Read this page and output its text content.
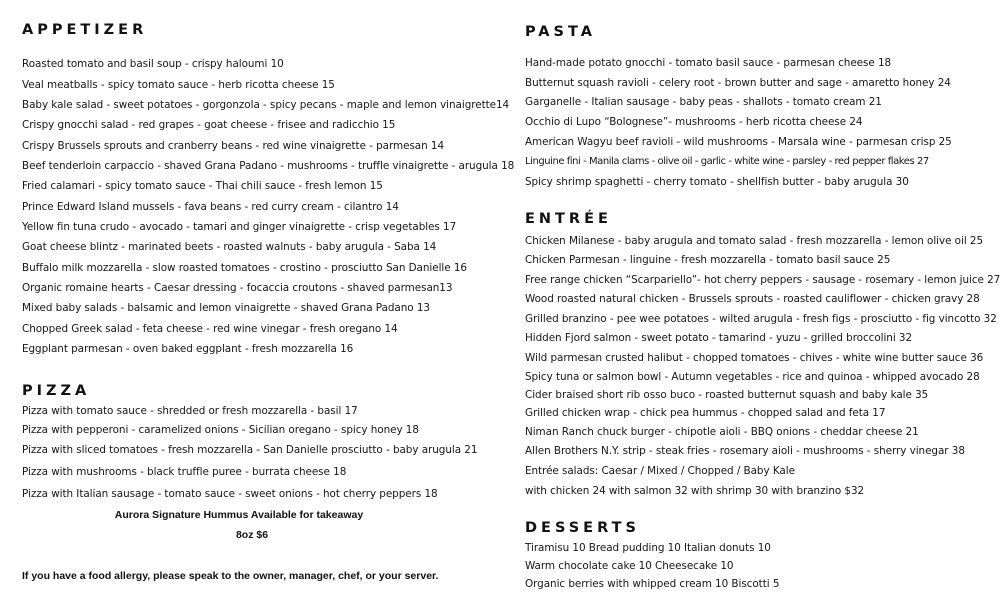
APPETIZER

Roasted tomato and basil soup - crispy haloumi 10

Veal meatballs - spicy tomato sauce - herb ricotta cheese 15

Baby kale salad - sweet potatoes - gorgonzola - spicy pecans - maple and lemon vinaigrette14

Crispy gnocchi salad - red grapes - goat cheese - frisee and radicchio 15

Crispy Brussels sprouts and cranberry beans - red wine vinaigrette - parmesan 14

Beef tenderloin carpaccio - shaved Grana Padano - mushrooms - truffle vinaigrette - arugula 18

Fried calamari - spicy tomato sauce - Thai chili sauce - fresh lemon 15

Prince Edward Island mussels - fava beans - red curry cream - cilantro 14

Yellow fin tuna crudo - avocado - tamari and ginger vinaigrette - crisp vegetables 17

Goat cheese blintz - marinated beets - roasted walnuts - baby arugula - Saba 14

Buffalo milk mozzarella - slow roasted tomatoes - crostino - prosciutto San Danielle 16

Organic romaine hearts - Caesar dressing - focaccia croutons - shaved parmesan13

Mixed baby salads - balsamic and lemon vinaigrette - shaved Grana Padano 13

Chopped Greek salad - feta cheese - red wine vinegar - fresh oregano 14

Eggplant parmesan - oven baked eggplant - fresh mozzarella 16

PIZZA

Pizza with tomato sauce - shredded or fresh mozzarella - basil 17

Pizza with pepperoni - caramelized onions - Sicilian oregano - spicy honey 18

Pizza with sliced tomatoes - fresh mozzarella - San Danielle prosciutto - baby arugula 21

Pizza with mushrooms - black truffle puree - burrata cheese 18

Pizza with Italian sausage - tomato sauce - sweet onions - hot cherry peppers 18

Aurora Signature Hummus Available for takeaway

8oz $6

If you have a food allergy, please speak to the owner, manager, chef, or your server.

PASTA

Hand-made potato gnocchi - tomato basil sauce - parmesan cheese 18

Butternut squash ravioli - celery root - brown butter and sage - amaretto honey 24

Garganelle - Italian sausage - baby peas - shallots - tomato cream 21

Occhio di Lupo “Bolognese”- mushrooms - herb ricotta cheese 24

American Wagyu beef ravioli - wild mushrooms - Marsala wine - parmesan crisp 25

Linguine fini - Manila clams - olive oil - garlic - white wine - parsley - red pepper flakes 27

Spicy shrimp spaghetti - cherry tomato - shellfish butter - baby arugula 30

ENTRÉE

Chicken Milanese - baby arugula and tomato salad - fresh mozzarella - lemon olive oil 25

Chicken Parmesan - linguine - fresh mozzarella - tomato basil sauce 25

Free range chicken “Scarpariello”- hot cherry peppers - sausage - rosemary - lemon juice 27

Wood roasted natural chicken - Brussels sprouts - roasted cauliflower - chicken gravy 28

Grilled branzino - pee wee potatoes - wilted arugula - fresh figs - prosciutto - fig vincotto 32

Hidden Fjord salmon - sweet potato - tamarind - yuzu - grilled broccolini 32

Wild parmesan crusted halibut - chopped tomatoes - chives - white wine butter sauce 36

Spicy tuna or salmon bowl - Autumn vegetables - rice and quinoa - whipped avocado 28

Cider braised short rib osso buco - roasted butternut squash and baby kale 35

Grilled chicken wrap - chick pea hummus - chopped salad and feta 17

Niman Ranch chuck burger - chipotle aioli - BBQ onions - cheddar cheese 21

Allen Brothers N.Y. strip - steak fries - rosemary aioli - mushrooms - sherry vinegar 38

Entrée salads: Caesar / Mixed / Chopped / Baby Kale

with chicken 24 with salmon 32 with shrimp 30 with branzino $32

DESSERTS

Tiramisu 10 Bread pudding 10 Italian donuts 10

Warm chocolate cake 10 Cheesecake 10

Organic berries with whipped cream 10 Biscotti 5
